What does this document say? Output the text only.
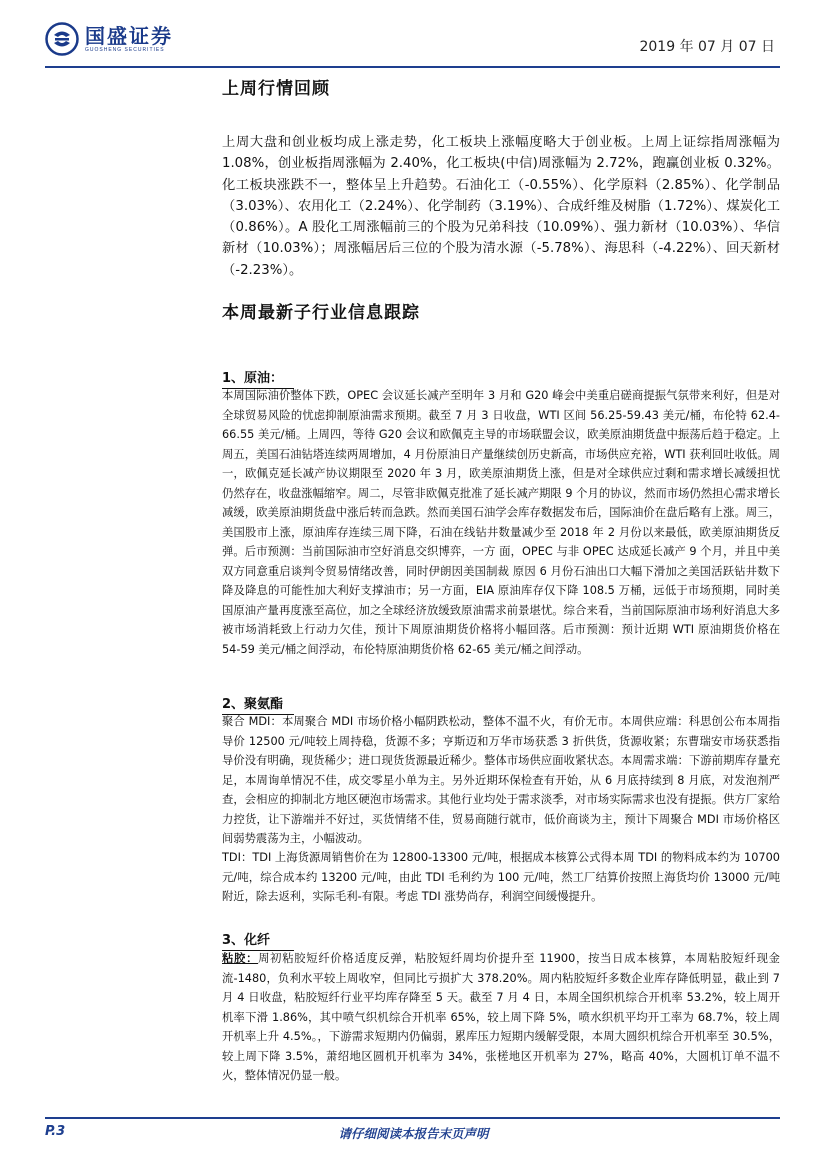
国盛证券
GUOSHENG SECURITIES	2019 年 07 月 07 日
上周行情回顾

上周大盘和创业板均成上涨走势，化工板块上涨幅度略大于创业板。上周上证综指周涨幅为 1.08%，创业板指周涨幅为 2.40%，化工板块(中信)周涨幅为 2.72%，跑赢创业板 0.32%。化工板块涨跌不一，整体呈上升趋势。石油化工（-0.55%）、化学原料（2.85%）、化学制品（3.03%）、农用化工（2.24%）、化学制药（3.19%）、合成纤维及树脂（1.72%）、煤炭化工（0.86%）。A 股化工周涨幅前三的个股为兄弟科技（10.09%）、强力新材（10.03%）、华信新材（10.03%）；周涨幅居后三位的个股为清水源（-5.78%）、海思科（-4.22%）、回天新材（-2.23%）。

本周最新子行业信息跟踪
1、原油：

本周国际油价整体下跌，OPEC 会议延长减产至明年 3 月和 G20 峰会中美重启磋商提振气氛带来利好，但是对全球贸易风险的忧虑抑制原油需求预期。截至 7 月 3 日收盘，WTI 区间 56.25-59.43 美元/桶，布伦特 62.4-66.55 美元/桶。上周四，等待 G20 会议和欧佩克主导的市场联盟会议，欧美原油期货盘中振荡后趋于稳定。上周五，美国石油钻塔连续两周增加，4 月份原油日产量继续创历史新高，市场供应充裕，WTI 获利回吐收低。周一，欧佩克延长减产协议期限至 2020 年 3 月，欧美原油期货上涨，但是对全球供应过剩和需求增长减缓担忧仍然存在，收盘涨幅缩窄。周二，尽管非欧佩克批准了延长减产期限 9 个月的协议，然而市场仍然担心需求增长减缓，欧美原油期货盘中涨后转而急跌。然而美国石油学会库存数据发布后，国际油价在盘后略有上涨。周三，美国股市上涨，原油库存连续三周下降，石油在线钻井数量减少至 2018 年 2 月份以来最低，欧美原油期货反弹。后市预测：当前国际油市空好消息交织博弈，一方 面，OPEC 与非 OPEC 达成延长减产 9 个月，并且中美双方同意重启谈判令贸易情绪改善，同时伊朗因美国制裁 原因 6 月份石油出口大幅下滑加之美国活跃钻井数下降及降息的可能性加大利好支撑油市；另一方面，EIA 原油库存仅下降 108.5 万桶，远低于市场预期，同时美国原油产量再度涨至高位，加之全球经济放缓致原油需求前景堪忧。综合来看，当前国际原油市场利好消息大多被市场消耗致上行动力欠佳，预计下周原油期货价格将小幅回落。后市预测：预计近期 WTI 原油期货价格在 54-59 美元/桶之间浮动，布伦特原油期货价格 62-65 美元/桶之间浮动。

2、聚氨酯

聚合 MDI：本周聚合 MDI 市场价格小幅阴跌松动，整体不温不火，有价无市。本周供应端：科思创公布本周指导价 12500 元/吨较上周持稳，货源不多；亨斯迈和万华市场获悉 3 折供货，货源收紧；东曹瑞安市场获悉指导价没有明确，现货稀少；进口现货货源最近稀少。整体市场供应面收紧状态。本周需求端：下游前期库存量充足，本周询单情况不佳，成交零星小单为主。另外近期环保检查有开始，从 6 月底持续到 8 月底，对发泡剂严查，会相应的抑制北方地区硬泡市场需求。其他行业均处于需求淡季，对市场实际需求也没有提振。供方厂家给力控货，让下游端并不好过，买货情绪不佳，贸易商随行就市，低价商谈为主，预计下周聚合 MDI 市场价格区间弱势震荡为主，小幅波动。

TDI：TDI 上海货源周销售价在为 12800-13300 元/吨，根据成本核算公式得本周 TDI 的物料成本约为 10700 元/吨，综合成本约 13200 元/吨，由此 TDI 毛利约为 100 元/吨，然工厂结算价按照上海货均价 13000 元/吨附近，除去返利，实际毛利-有限。考虑 TDI 涨势尚存，利润空间缓慢提升。

3、化纤

粘胶：周初粘胶短纤价格适度反弹，粘胶短纤周均价提升至 11900，按当日成本核算，本周粘胶短纤现金流-1480，负利水平较上周收窄，但同比亏损扩大 378.20%。周内粘胶短纤多数企业库存降低明显，截止到 7 月 4 日收盘，粘胶短纤行业平均库存降至 5 天。截至 7 月 4 日，本周全国织机综合开机率 53.2%，较上周开机率下滑 1.86%，其中喷气织机综合开机率 65%，较上周下降 5%，喷水织机平均开工率为 68.7%，较上周开机率上升 4.5%。，下游需求短期内仍偏弱，累库压力短期内缓解受限，本周大圆织机综合开机率至 30.5%，较上周下降 3.5%，萧绍地区圆机开机率为 34%，张槎地区开机率为 27%，略高 40%，大圆机订单不温不火，整体情况仍显一般。

P.3	请仔细阅读本报告末页声明
